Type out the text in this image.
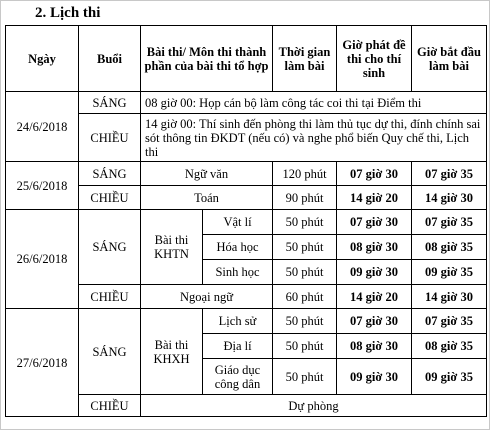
2. Lịch thi
Ngày	Buổi	Bài thi/ Môn thi thành phần của bài thi tổ hợp		Thời gian làm bài	Giờ phát đề thi cho thí sinh	Giờ bắt đầu làm bài
24/6/2018	SÁNG	08 giờ 00: Họp cán bộ làm công tác coi thi tại Điểm thi				
	CHIỀU	14 giờ 00: Thí sinh đến phòng thi làm thủ tục dự thi, đính chính sai sót thông tin ĐKDT (nếu có) và nghe phổ biến Quy chế thi, Lịch thi				
25/6/2018	SÁNG	Ngữ văn		120 phút	07 giờ 30	07 giờ 35
	CHIỀU	Toán		90 phút	14 giờ 20	14 giờ 30
26/6/2018	SÁNG	Bài thi KHTN	Vật lí	50 phút	07 giờ 30	07 giờ 35
			Hóa học	50 phút	08 giờ 30	08 giờ 35
			Sinh học	50 phút	09 giờ 30	09 giờ 35
	CHIỀU	Ngoại ngữ		60 phút	14 giờ 20	14 giờ 30
27/6/2018	SÁNG	Bài thi KHXH	Lịch sử	50 phút	07 giờ 30	07 giờ 35
			Địa lí	50 phút	08 giờ 30	08 giờ 35
			Giáo dục công dân	50 phút	09 giờ 30	09 giờ 35
	CHIỀU	Dự phòng				
